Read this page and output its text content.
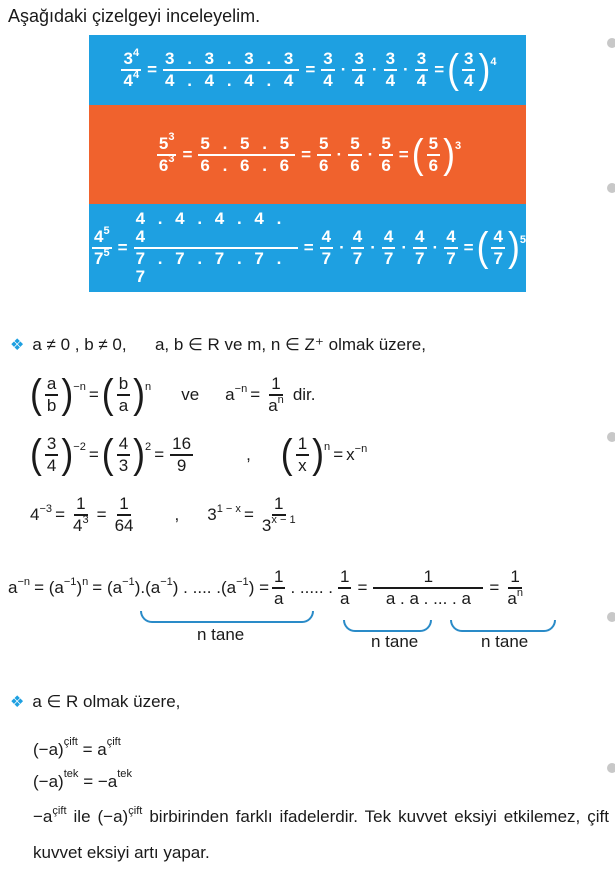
Aşağıdaki çizelgeyi inceleyelim.
$\frac{3^4}{4^4} = \frac{3 . 3 . 3 . 3}{4 . 4 . 4 . 4} = \frac{3}{4} \cdot \frac{3}{4} \cdot \frac{3}{4} \cdot \frac{3}{4}$ = ( $\frac{3}{4}$ ) 4
$\frac{5^3}{6^3} = \frac{5 . 5 . 5}{6 . 6 . 6} = \frac{5}{6} \cdot \frac{5}{6} \cdot \frac{5}{6}$ = ( $\frac{5}{6}$ ) 3
$\frac{4^5}{7^5} = \frac{4 . 4 . 4 . 4 . 4}{7 . 7 . 7 . 7 . 7} = \frac{4}{7} \cdot \frac{4}{7} \cdot \frac{4}{7} \cdot \frac{4}{7} \cdot \frac{4}{7}$ = ( $\frac{4}{7}$ ) 5
❖ a ≠ 0 , b ≠ 0,      a, b ∈ R ve m, n ∈ Z⁺ olmak üzere,
( $\frac{a}{b}$ ) −n = ( $\frac{b}{a}$ ) n ve $a^{-n} = \frac{1}{a^n}$ dir.
( $\frac{3}{4}$ ) −2 = ( $\frac{4}{3}$ ) $2 = \frac{16}{9}$	, ( $\frac{1}{x}$ ) $n = x^{-n}$
$4^{-3} = \frac{1}{4^3} = \frac{1}{64}$ , $3^{1 - x} = \frac{1}{3^{x - 1}}$
$a^{-n} = (a^{-1})^n = (a^{-1}).(a^{-1})$ . .... $.(a^{-1}) = \frac{1}{a}$ . ..... . $\frac{1}{a} = \frac{1}{a . a . ... . a} = \frac{1}{a^n}$
n tane	n tane	n tane
❖ a ∈ R olmak üzere,
(−a) çift = a çift
(−a) tek = −a tek
$-a^{çift}$ ile $(-a)^{çift}$ birbirinden farklı ifadelerdir. Tek kuvvet eksiyi etkilemez, çift kuvvet eksiyi artı yapar.
